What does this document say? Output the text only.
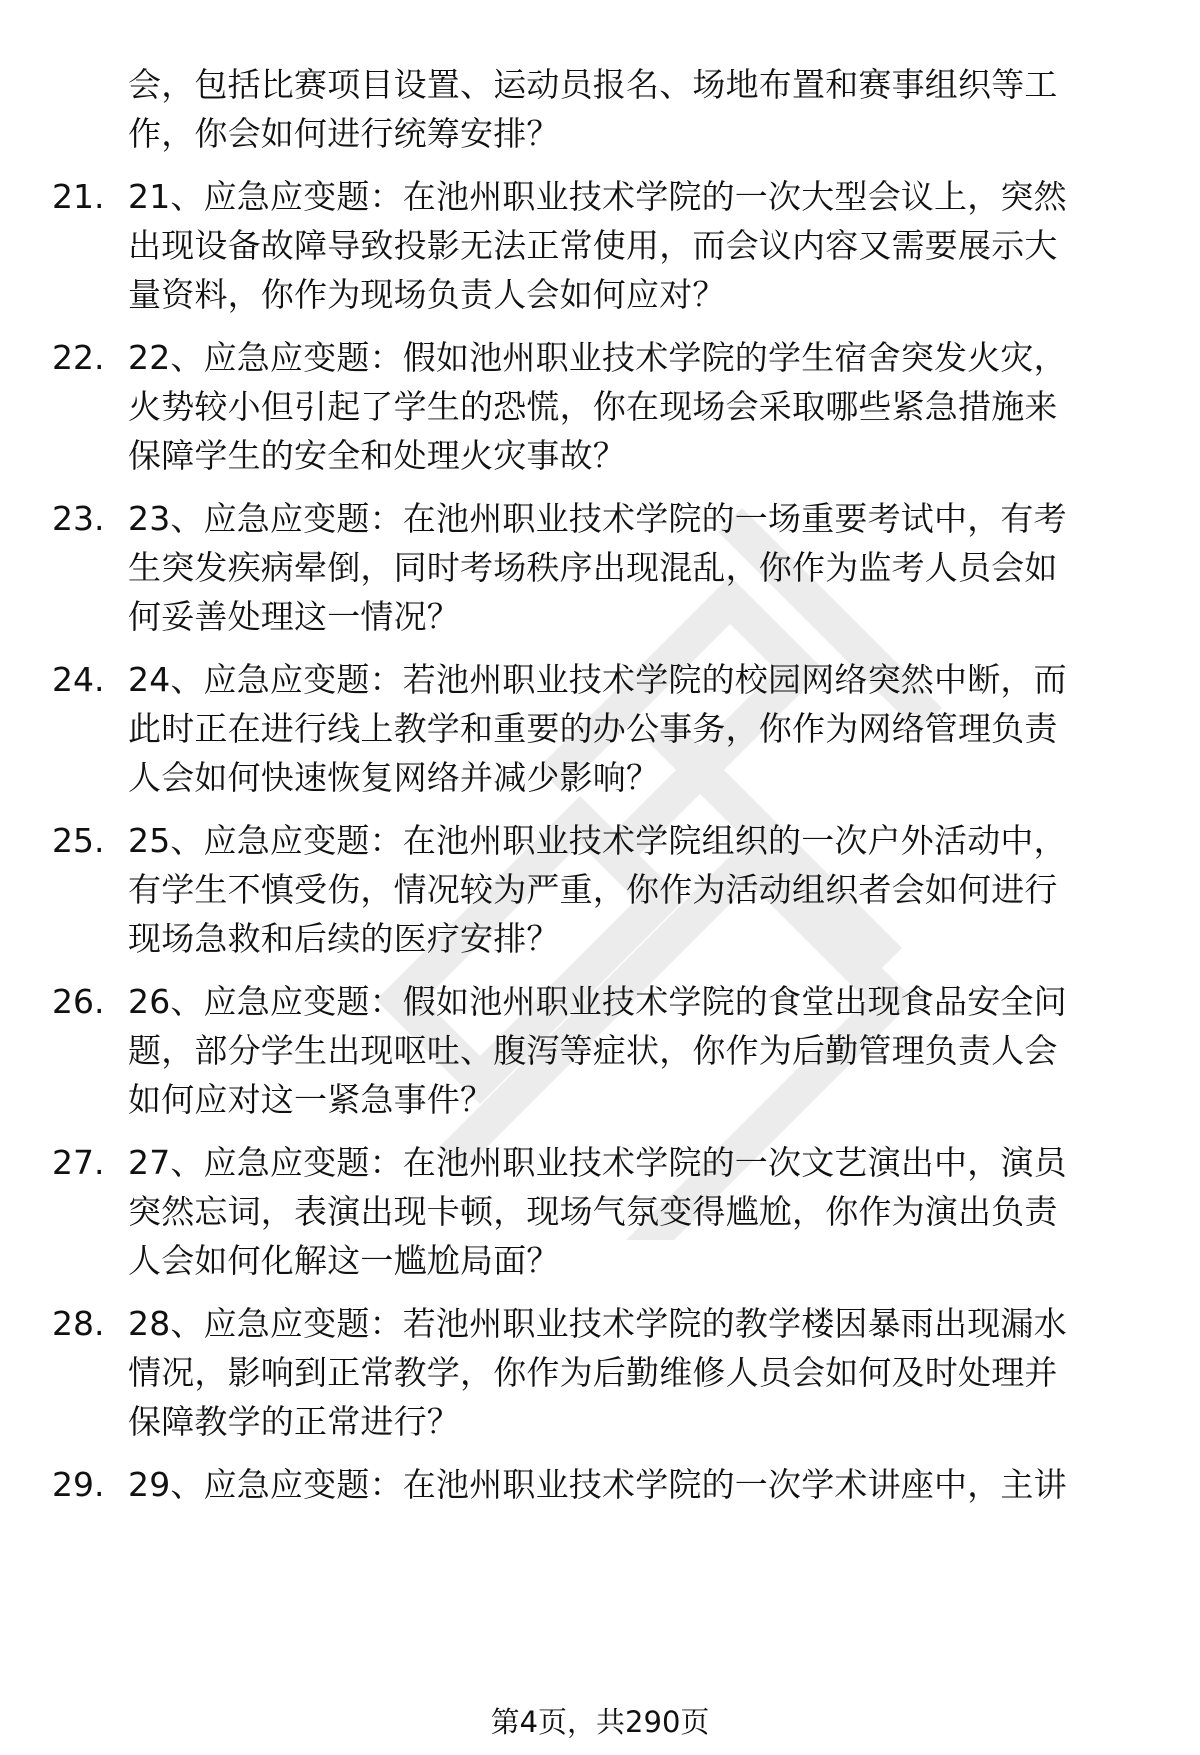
会，包括比赛项目设置、运动员报名、场地布置和赛事组织等工
作，你会如何进行统筹安排？
21. 21、应急应变题：在池州职业技术学院的一次大型会议上，突然
出现设备故障导致投影无法正常使用，而会议内容又需要展示大
量资料，你作为现场负责人会如何应对？
22. 22、应急应变题：假如池州职业技术学院的学生宿舍突发火灾，
火势较小但引起了学生的恐慌，你在现场会采取哪些紧急措施来
保障学生的安全和处理火灾事故？
23. 23、应急应变题：在池州职业技术学院的一场重要考试中，有考
生突发疾病晕倒，同时考场秩序出现混乱，你作为监考人员会如
何妥善处理这一情况？
24. 24、应急应变题：若池州职业技术学院的校园网络突然中断，而
此时正在进行线上教学和重要的办公事务，你作为网络管理负责
人会如何快速恢复网络并减少影响？
25. 25、应急应变题：在池州职业技术学院组织的一次户外活动中，
有学生不慎受伤，情况较为严重，你作为活动组织者会如何进行
现场急救和后续的医疗安排？
26. 26、应急应变题：假如池州职业技术学院的食堂出现食品安全问
题，部分学生出现呕吐、腹泻等症状，你作为后勤管理负责人会
如何应对这一紧急事件？
27. 27、应急应变题：在池州职业技术学院的一次文艺演出中，演员
突然忘词，表演出现卡顿，现场气氛变得尴尬，你作为演出负责
人会如何化解这一尴尬局面？
28. 28、应急应变题：若池州职业技术学院的教学楼因暴雨出现漏水
情况，影响到正常教学，你作为后勤维修人员会如何及时处理并
保障教学的正常进行？
29. 29、应急应变题：在池州职业技术学院的一次学术讲座中，主讲
第4页，共290页
